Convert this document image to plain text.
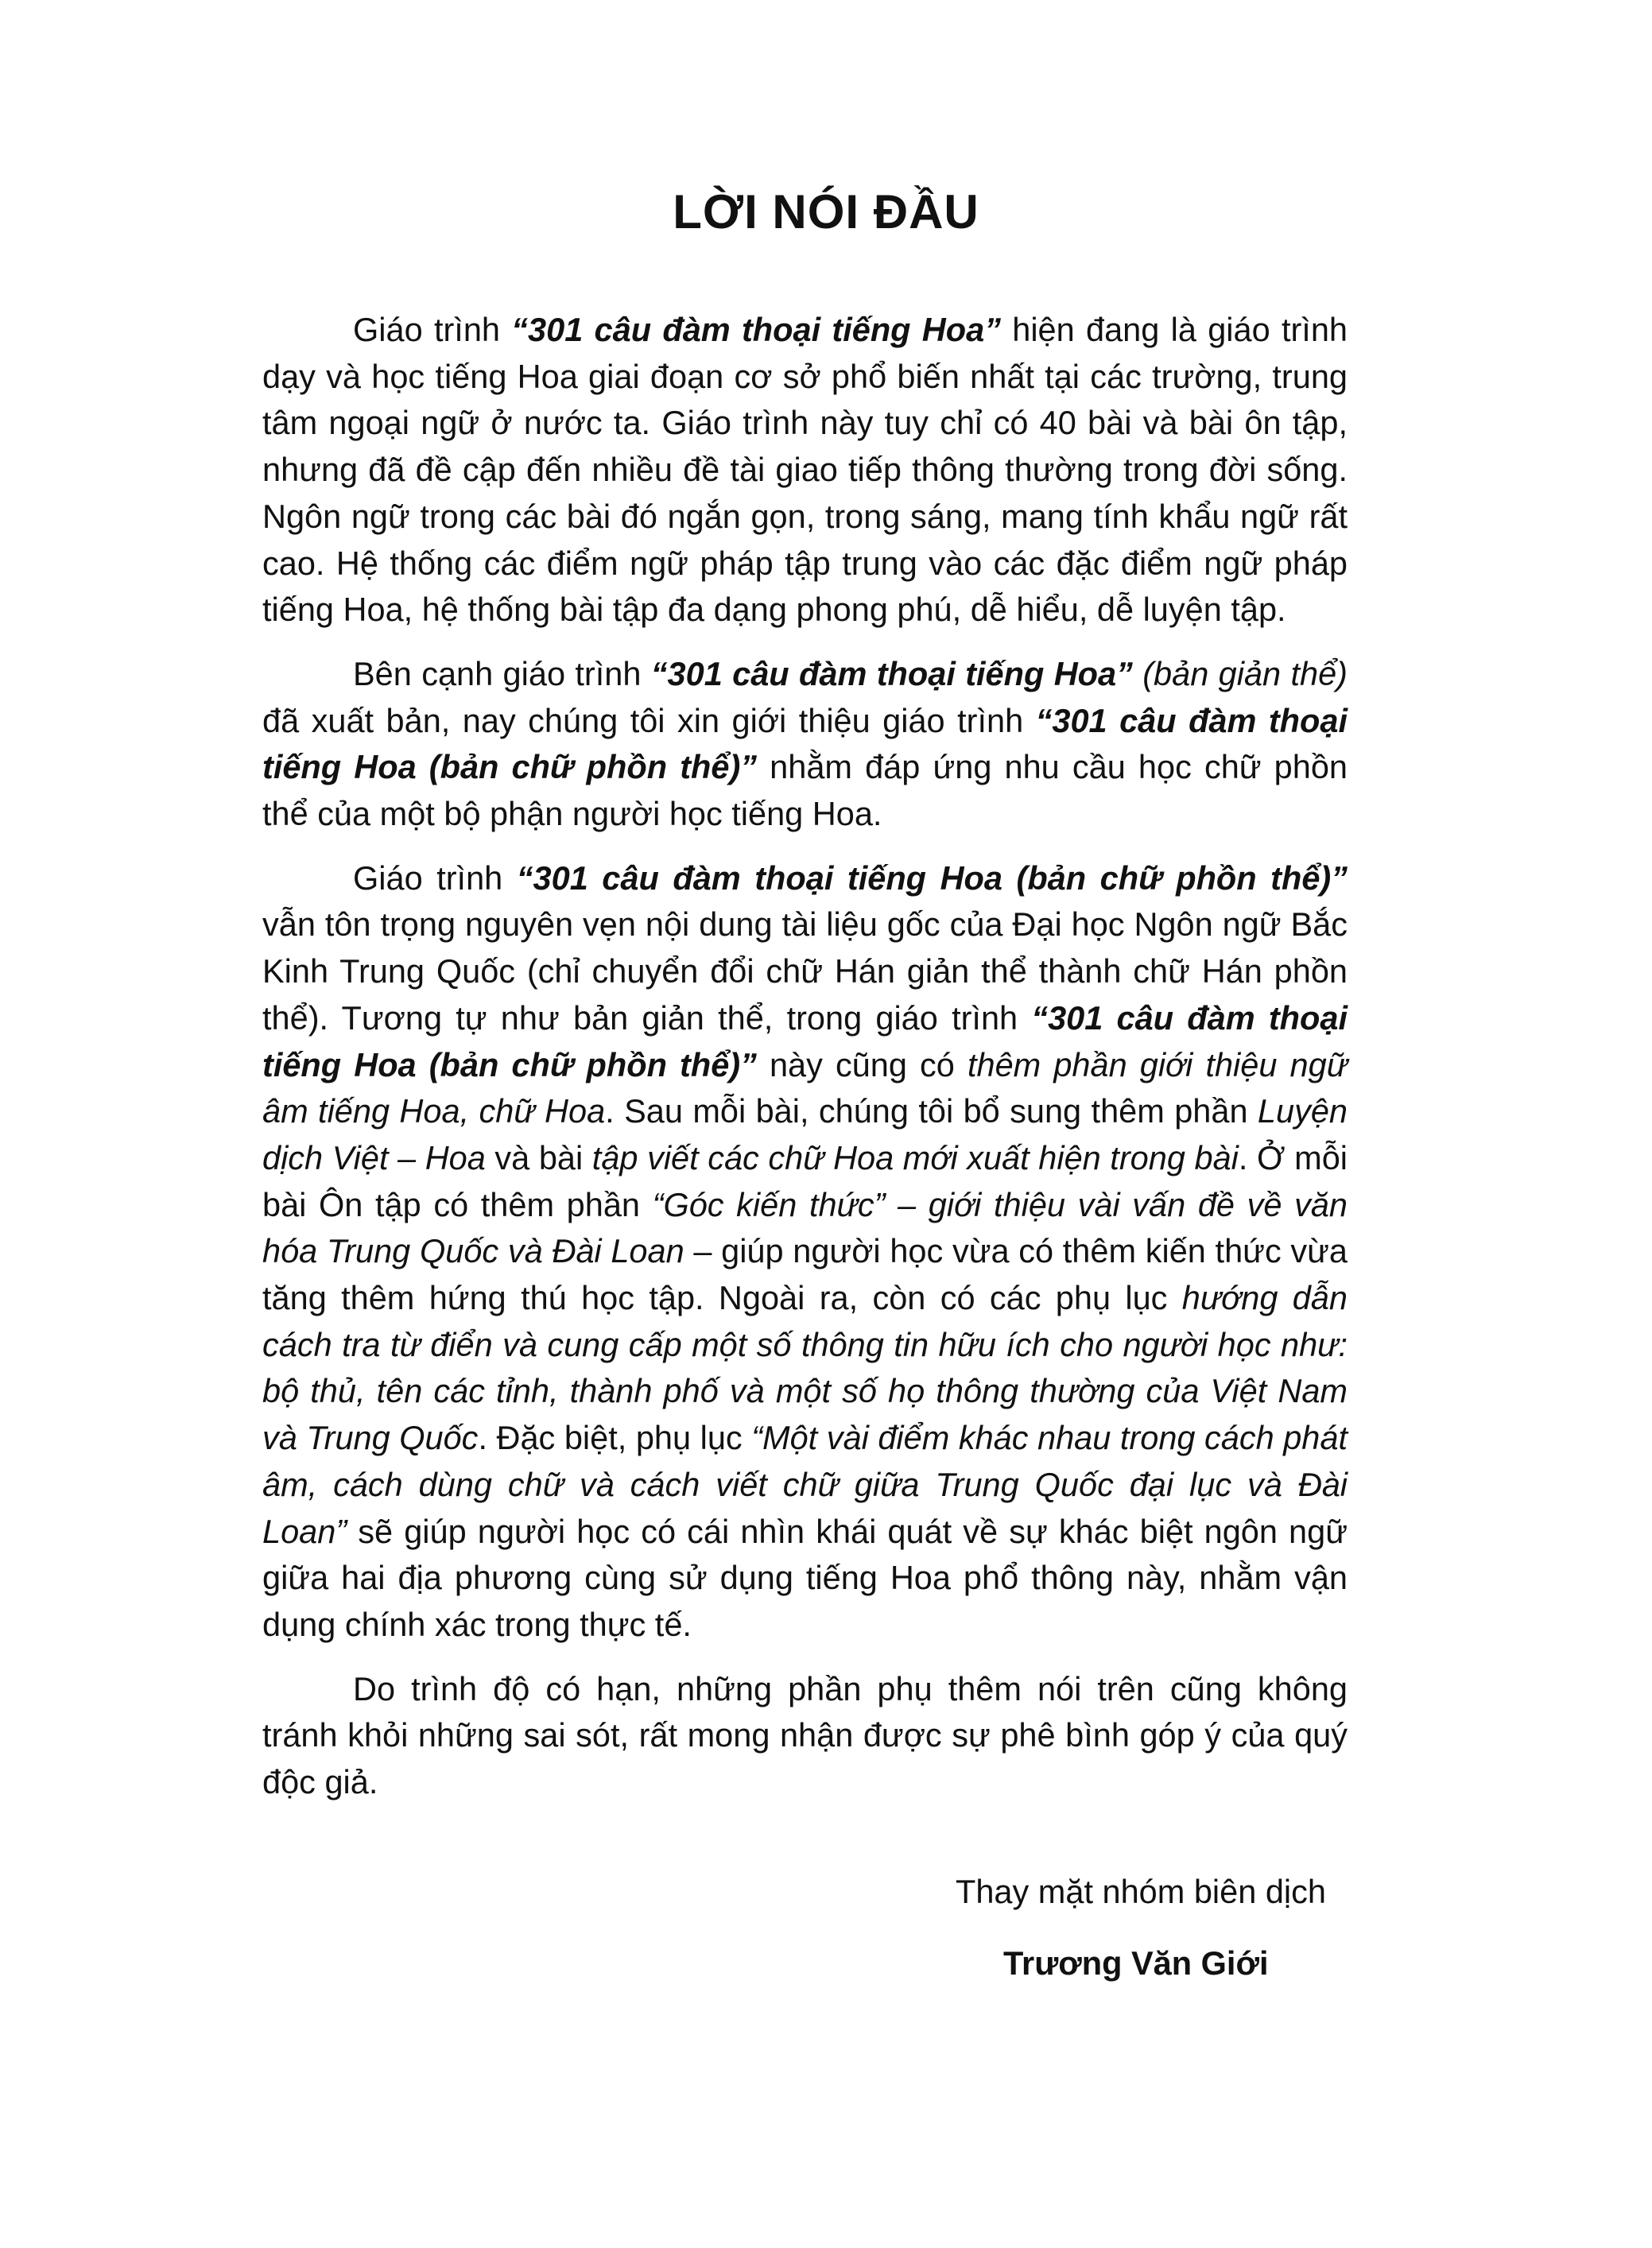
LỜI NÓI ĐẦU

Giáo trình “301 câu đàm thoại tiếng Hoa” hiện đang là giáo trình dạy và học tiếng Hoa giai đoạn cơ sở phổ biến nhất tại các trường, trung tâm ngoại ngữ ở nước ta. Giáo trình này tuy chỉ có 40 bài và bài ôn tập, nhưng đã đề cập đến nhiều đề tài giao tiếp thông thường trong đời sống. Ngôn ngữ trong các bài đó ngắn gọn, trong sáng, mang tính khẩu ngữ rất cao. Hệ thống các điểm ngữ pháp tập trung vào các đặc điểm ngữ pháp tiếng Hoa, hệ thống bài tập đa dạng phong phú, dễ hiểu, dễ luyện tập.

Bên cạnh giáo trình “301 câu đàm thoại tiếng Hoa” (bản giản thể) đã xuất bản, nay chúng tôi xin giới thiệu giáo trình “301 câu đàm thoại tiếng Hoa (bản chữ phồn thể)” nhằm đáp ứng nhu cầu học chữ phồn thể của một bộ phận người học tiếng Hoa.

Giáo trình “301 câu đàm thoại tiếng Hoa (bản chữ phồn thể)” vẫn tôn trọng nguyên vẹn nội dung tài liệu gốc của Đại học Ngôn ngữ Bắc Kinh Trung Quốc (chỉ chuyển đổi chữ Hán giản thể thành chữ Hán phồn thể). Tương tự như bản giản thể, trong giáo trình “301 câu đàm thoại tiếng Hoa (bản chữ phồn thể)” này cũng có thêm phần giới thiệu ngữ âm tiếng Hoa, chữ Hoa. Sau mỗi bài, chúng tôi bổ sung thêm phần Luyện dịch Việt – Hoa và bài tập viết các chữ Hoa mới xuất hiện trong bài. Ở mỗi bài Ôn tập có thêm phần “Góc kiến thức” – giới thiệu vài vấn đề về văn hóa Trung Quốc và Đài Loan – giúp người học vừa có thêm kiến thức vừa tăng thêm hứng thú học tập. Ngoài ra, còn có các phụ lục hướng dẫn cách tra từ điển và cung cấp một số thông tin hữu ích cho người học như: bộ thủ, tên các tỉnh, thành phố và một số họ thông thường của Việt Nam và Trung Quốc. Đặc biệt, phụ lục “Một vài điểm khác nhau trong cách phát âm, cách dùng chữ và cách viết chữ giữa Trung Quốc đại lục và Đài Loan” sẽ giúp người học có cái nhìn khái quát về sự khác biệt ngôn ngữ giữa hai địa phương cùng sử dụng tiếng Hoa phổ thông này, nhằm vận dụng chính xác trong thực tế.

Do trình độ có hạn, những phần phụ thêm nói trên cũng không tránh khỏi những sai sót, rất mong nhận được sự phê bình góp ý của quý độc giả.

Thay mặt nhóm biên dịch

Trương Văn Giới
